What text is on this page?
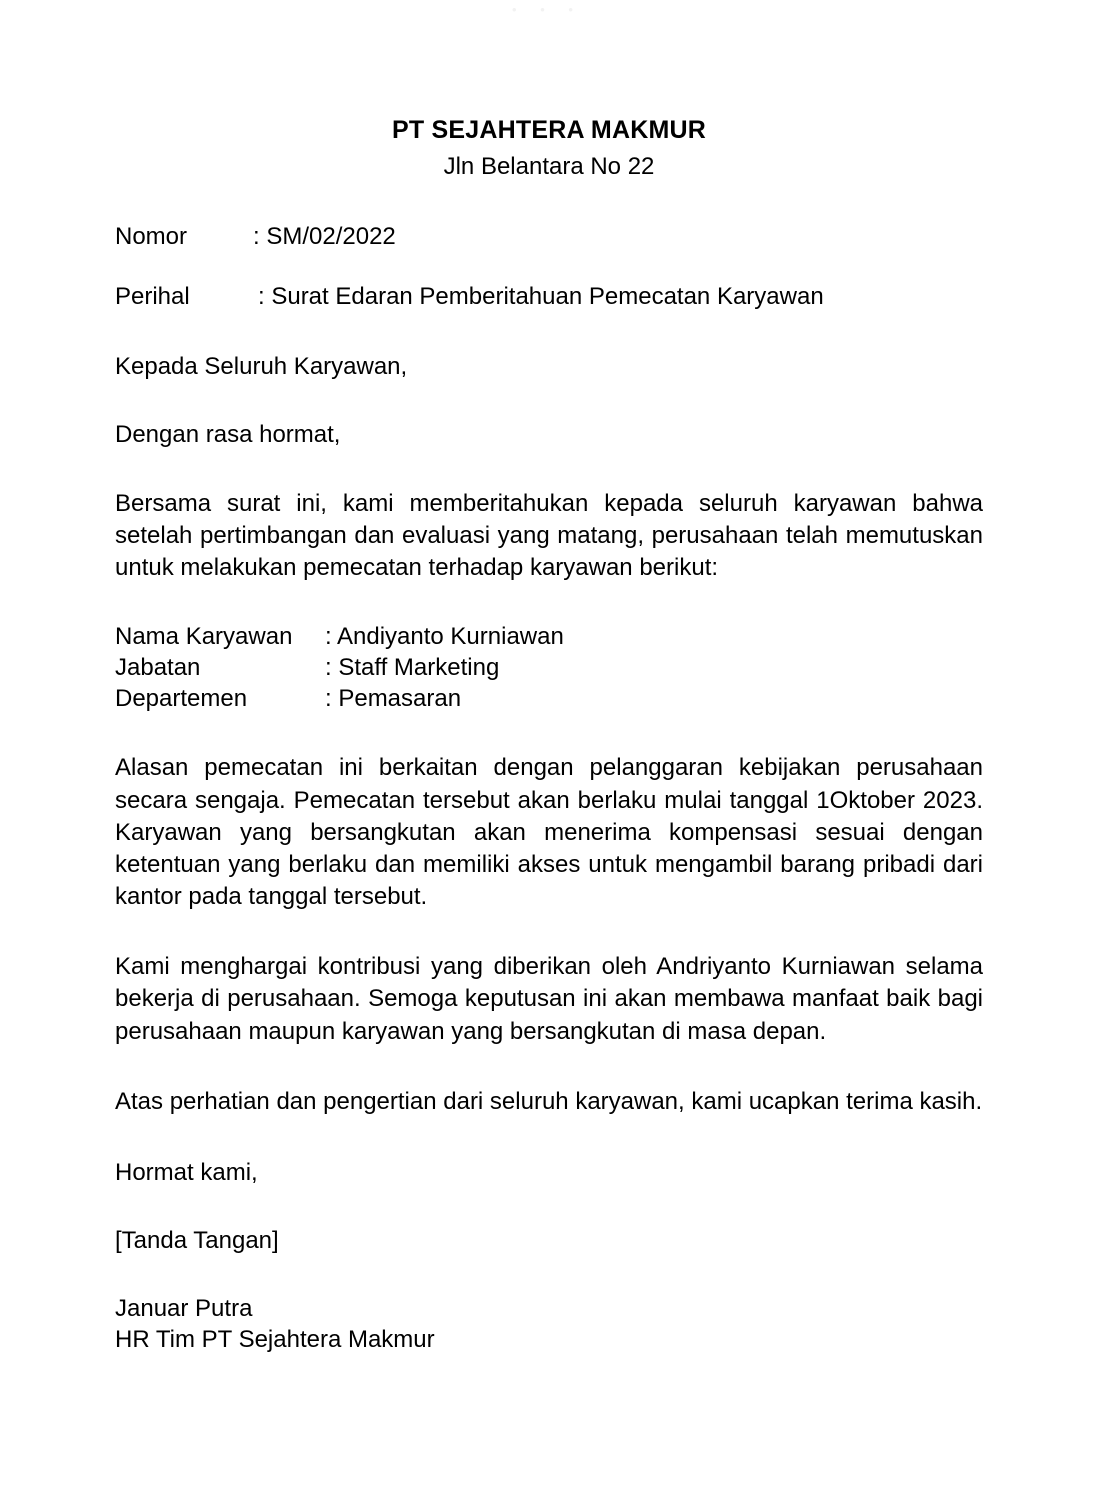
• • •
PT SEJAHTERA MAKMUR
Jln Belantara No 22
Nomor	: SM/02/2022
Perihal	: Surat Edaran Pemberitahuan Pemecatan Karyawan
Kepada Seluruh Karyawan,
Dengan rasa hormat,

Bersama surat ini, kami memberitahukan kepada seluruh karyawan bahwa setelah pertimbangan dan evaluasi yang matang, perusahaan telah memutuskan untuk melakukan pemecatan terhadap karyawan berikut:

Nama Karyawan	: Andiyanto Kurniawan
Jabatan	: Staff Marketing
Departemen	: Pemasaran

Alasan pemecatan ini berkaitan dengan pelanggaran kebijakan perusahaan secara sengaja. Pemecatan tersebut akan berlaku mulai tanggal 1Oktober 2023. Karyawan yang bersangkutan akan menerima kompensasi sesuai dengan ketentuan yang berlaku dan memiliki akses untuk mengambil barang pribadi dari kantor pada tanggal tersebut.

Kami menghargai kontribusi yang diberikan oleh Andriyanto Kurniawan selama bekerja di perusahaan. Semoga keputusan ini akan membawa manfaat baik bagi perusahaan maupun karyawan yang bersangkutan di masa depan.

Atas perhatian dan pengertian dari seluruh karyawan, kami ucapkan terima kasih.

Hormat kami,
[Tanda Tangan]
Januar Putra
HR Tim PT Sejahtera Makmur
